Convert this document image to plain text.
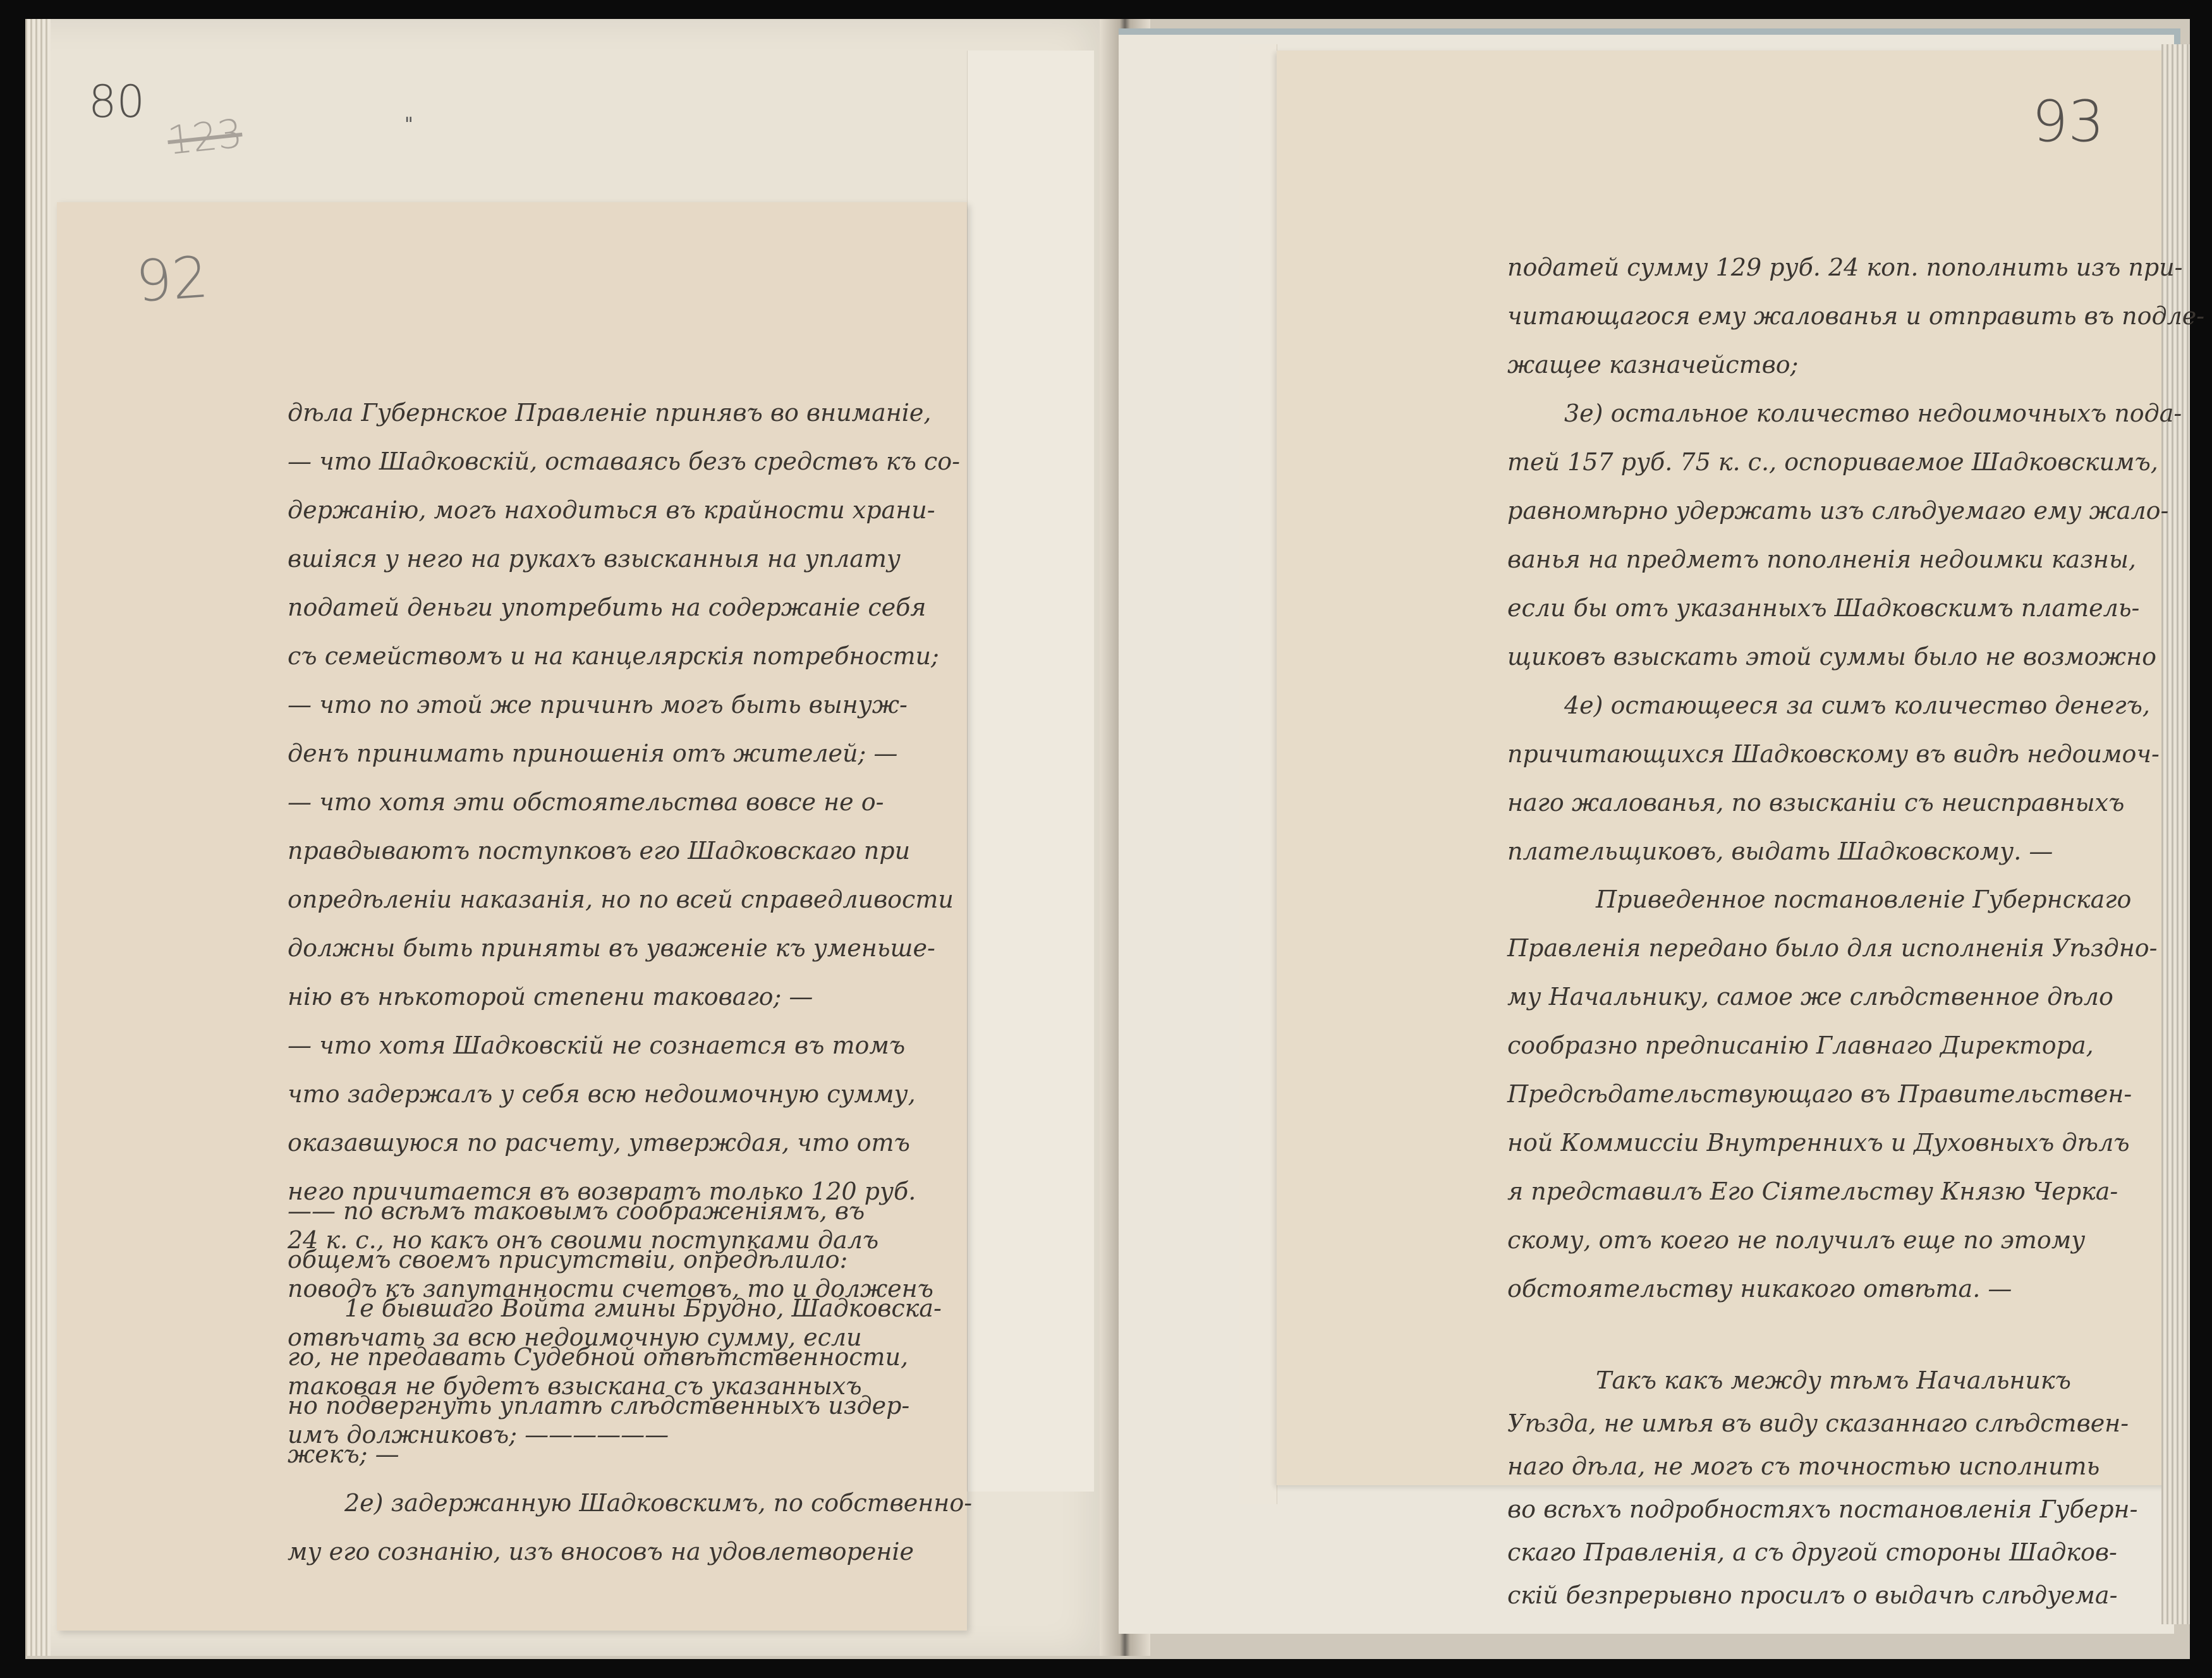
80
123	"
92
93
дѣла Губернское Правленіе принявъ во вниманіе,
— что Шадковскій, оставаясь безъ средствъ къ со-
держанію, могъ находиться въ крайности храни-
вшіяся у него на рукахъ взысканныя на уплату
податей деньги употребить на содержаніе себя
съ семействомъ и на канцелярскія потребности;
— что по этой же причинѣ могъ быть вынуж-
денъ принимать приношенія отъ жителей; —
— что хотя эти обстоятельства вовсе не о-
правдываютъ поступковъ его Шадковскаго при
опредѣленіи наказанія, но по всей справедливости
должны быть приняты въ уваженіе къ уменьше-
нію въ нѣкоторой степени таковаго; —
— что хотя Шадковскій не сознается въ томъ
что задержалъ у себя всю недоимочную сумму,
оказавшуюся по расчету, утверждая, что отъ
него причитается въ возвратъ только 120 руб.
24 к. с., но какъ онъ своими поступками далъ
поводъ къ запутанности счетовъ, то и долженъ
отвѣчать за всю недоимочную сумму, если
таковая не будетъ взыскана съ указанныхъ
имъ должниковъ; ——————
—— по всѣмъ таковымъ соображеніямъ, въ
общемъ своемъ присутствіи, опредѣлило:
1е бывшаго Войта гмины Брудно, Шадковска-
го, не предавать Судебной отвѣтственности,
но подвергнуть уплатѣ слѣдственныхъ издер-
жекъ; —
2е) задержанную Шадковскимъ, по собственно-
му его сознанію, изъ вносовъ на удовлетвореніе
податей сумму 129 руб. 24 коп. пополнить изъ при-
читающагося ему жалованья и отправить въ подле-
жащее казначейство;
3е) остальное количество недоимочныхъ пода-
тей 157 руб. 75 к. с., оспориваемое Шадковскимъ,
равномѣрно удержать изъ слѣдуемаго ему жало-
ванья на предметъ пополненія недоимки казны,
если бы отъ указанныхъ Шадковскимъ платель-
щиковъ взыскать этой суммы было не возможно
4е) остающееся за симъ количество денегъ,
причитающихся Шадковскому въ видѣ недоимоч-
наго жалованья, по взысканіи съ неисправныхъ
плательщиковъ, выдать Шадковскому. —
Приведенное постановленіе Губернскаго
Правленія передано было для исполненія Уѣздно-
му Начальнику, самое же слѣдственное дѣло
сообразно предписанію Главнаго Директора,
Предсѣдательствующаго въ Правительствен-
ной Коммиссіи Внутреннихъ и Духовныхъ дѣлъ
я представилъ Его Сіятельству Князю Черка-
скому, отъ коего не получилъ еще по этому
обстоятельству никакого отвѣта. —
Такъ какъ между тѣмъ Начальникъ
Уѣзда, не имѣя въ виду сказаннаго слѣдствен-
наго дѣла, не могъ съ точностью исполнить
во всѣхъ подробностяхъ постановленія Губерн-
скаго Правленія, а съ другой стороны Шадков-
скій безпрерывно просилъ о выдачѣ слѣдуема-
